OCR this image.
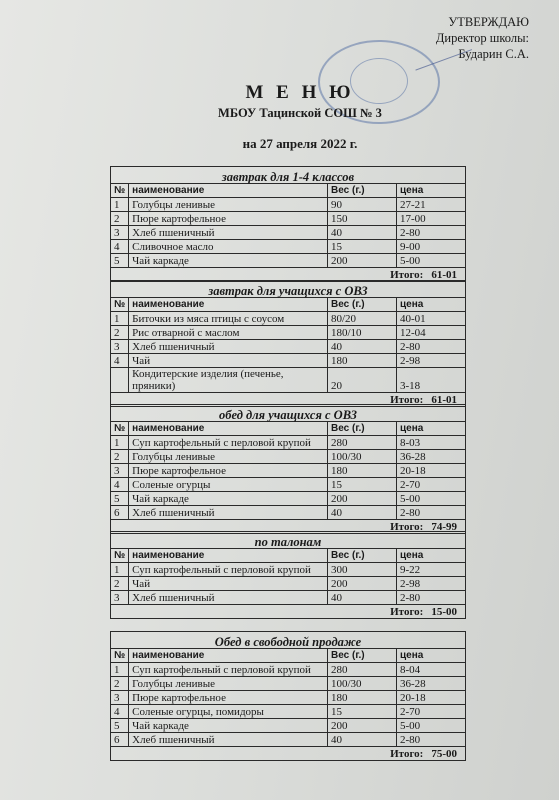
УТВЕРЖДАЮ
Директор школы:
Бударин С.А.
М Е Н Ю
МБОУ Тацинской СОШ № 3
на 27 апреля 2022 г.
завтрак для 1-4 классов			
№	наименование	Вес (г.)	цена
1	Голубцы ленивые	90	27-21
2	Пюре картофельное	150	17-00
3	Хлеб пшеничный	40	2-80
4	Сливочное масло	15	9-00
5	Чай каркаде	200	5-00
Итого: 61-01			
завтрак для учащихся с ОВЗ			
№	наименование	Вес (г.)	цена
1	Биточки из мяса птицы с соусом	80/20	40-01
2	Рис отварной с маслом	180/10	12-04
3	Хлеб пшеничный	40	2-80
4	Чай	180	2-98
	Кондитерские изделия (печенье, пряники)	20	3-18
Итого: 61-01			
обед для учащихся с ОВЗ			
№	наименование	Вес (г.)	цена
1	Суп картофельный с перловой крупой	280	8-03
2	Голубцы ленивые	100/30	36-28
3	Пюре картофельное	180	20-18
4	Соленые огурцы	15	2-70
5	Чай каркаде	200	5-00
6	Хлеб пшеничный	40	2-80
Итого: 74-99			
по талонам			
№	наименование	Вес (г.)	цена
1	Суп картофельный с перловой крупой	300	9-22
2	Чай	200	2-98
3	Хлеб пшеничный	40	2-80
Итого: 15-00			
Обед в свободной продаже			
№	наименование	Вес (г.)	цена
1	Суп картофельный с перловой крупой	280	8-04
2	Голубцы ленивые	100/30	36-28
3	Пюре картофельное	180	20-18
4	Соленые огурцы, помидоры	15	2-70
5	Чай каркаде	200	5-00
6	Хлеб пшеничный	40	2-80
Итого: 75-00			
